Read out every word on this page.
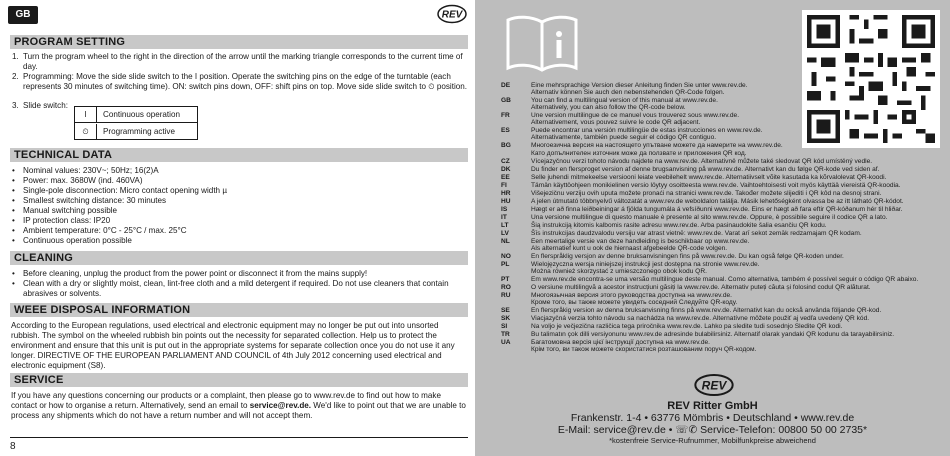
GB	REV
PROGRAM SETTING
1. Turn the program wheel to the right in the direction of the arrow until the marking triangle corresponds to the current time of day.
2. Programming: Move the side slide switch to the I position. Operate the switching pins on the edge of the turntable (each represents 30 minutes of switching time). ON: switch pins down, OFF: shift pins on top. Move side slide switch to ⏲ position.
3. Slide switch:
I	Continuous operation
⏲	Programming active
TECHNICAL DATA
• Nominal values: 230V~; 50Hz; 16(2)A
• Power: max. 3680W (ind. 460VA)
• Single-pole disconnection: Micro contact opening width µ
• Smallest switching distance: 30 minutes
• Manual switching possible
• IP protection class: IP20
• Ambient temperature: 0°C - 25°C / max. 25°C
• Continuous operation possible
CLEANING
• Before cleaning, unplug the product from the power point or disconnect it from the mains supply!
• Clean with a dry or slightly moist, clean, lint-free cloth and a mild detergent if required. Do not use cleaners that contain abrasives or solvents.
WEEE DISPOSAL INFORMATION
According to the European regulations, used electrical and electronic equipment may no longer be put out into unsorted rubbish. The symbol on the wheeled rubbish bin points out the necessity for separated collection. Help us to protect the environment and ensure that this unit is put out in the appropriate systems for separate collection once you do not use it any longer. DIRECTIVE OF THE EUROPEAN PARLIAMENT AND COUNCIL of 4th July 2012 concerning used electrical and electronic equipment (S8).
SERVICE
If you have any questions concerning our products or a complaint, then please go to www.rev.de to find out how to make contact or how to organise a return. Alternatively, send an email to service@rev.de. We'd like to point out that we are unable to process any shipments which do not have a return number and will not accept them.
8
REV
REV Ritter GmbH
Frankenstr. 1-4 • 63776 Mömbris • Deutschland • www.rev.de
E-Mail: service@rev.de • ☏✆ Service-Telefon: 00800 50 00 2735*
*kostenfreie Service-Rufnummer, Mobilfunkpreise abweichend
DE	Eine mehrsprachige Version dieser Anleitung finden Sie unter www.rev.de.
Alternativ können Sie auch den nebenstehenden QR-Code folgen.
GB	You can find a multilingual version of this manual at www.rev.de.
Alternatively, you can also follow the QR-code below.
FR	Une version multilingue de ce manuel vous trouverez sous www.rev.de.
Alternativement, vous pouvez suivre le code QR adjacent.
ES	Puede encontrar una versión multilingüe de estas instrucciones en www.rev.de.
Alternativamente, también puede seguir el código QR contiguo.
BG	Многоезична версия на настоящето упътване можете да намерите на www.rev.de.
Като допълнителен източник може да ползвате и приложения QR код.
CZ	Vícejazyčnou verzi tohoto návodu najdete na www.rev.de. Alternativně můžete také sledovat QR kód umístěný vedle.
DK	Du finder en flersproget version af denne brugsanvisning på www.rev.de. Alternativt kan du følge QR-kode ved siden af.
EE	Selle juhendi mitmekeelse versiooni leiate veebilehelt www.rev.de. Alternatiivselt võite kasutada ka kõrvalolevat QR-koodi.
FI	Tämän käyttöohjeen monikielinen versio löytyy osoitteesta www.rev.de. Vaihtoehtoisesti voit myös käyttää viereistä QR-koodia.
HR	Višejezičnu verziju ovih uputa možete pronaći na stranici www.rev.de. Također možete slijediti i QR kôd na desnoj strani.
HU	A jelen útmutató többnyelvű változatát a www.rev.de weboldalon találja. Másik lehetőségként olvassa be az itt látható QR-kódot.
IS	Hægt er að finna leiðbeiningar á fjölda tungumála á vefsíðunni www.rev.de. Eins er hægt að fara eftir QR-kóðanum hér til hliðar.
IT	Una versione multilingue di questo manuale è presente al sito www.rev.de. Oppure, è possibile seguire il codice QR a lato.
LT	Šią instrukciją kitomis kalbomis rasite adresu www.rev.de. Arba pasinaudokite šalia esančiu QR kodu.
LV	Šīs instrukcijas daudzvalodu versiju var atrast vietnē: www.rev.de. Varat arī sekot zemāk redzamajam QR kodam.
NL	Een meertalige versie van deze handleiding is beschikbaar op www.rev.de.
Als alternatief kunt u ook de hiernaast afgebeelde QR-code volgen.
NO	En flerspråklig versjon av denne bruksanvisningen fins på www.rev.de. Du kan også følge QR-koden under.
PL	Wielojęzyczna wersja niniejszej instrukcji jest dostępna na stronie www.rev.de.
Można również skorzystać z umieszczonego obok kodu QR.
PT	Em www.rev.de encontra-se uma versão multilíngue deste manual. Como alternativa, também é possível seguir o código QR abaixo.
RO	O versiune multilingvă a acestor instrucțiuni găsiți la www.rev.de. Alternativ puteți căuta și folosind codul QR alăturat.
RU	Многоязычная версия этого руководства доступна на www.rev.de.
Кроме того, вы также можете увидеть соседний Следуйте QR-коду.
SE	En flerspråkig version av denna bruksanvisning finns på www.rev.de. Alternativt kan du också använda följande QR-kod.
SK	Viacjazyčná verzia tohto návodu sa nachádza na www.rev.de. Alternatívne môžete použiť aj vedľa uvedený QR kód.
SI	Na voljo je večjezična različica tega priročnika www.rev.de. Lahko pa sledite tudi sosednjo Sledite QR kodi.
TR	Bu talimatın çok dilli versiyonunu www.rev.de adresinde bulabilirsiniz. Alternatif olarak yandaki QR kodunu da tarayabilirsiniz.
UA	Багатомовна версія цієї інструкції доступна на www.rev.de.
Крім того, ви також можете скористатися розташованим поруч QR-кодом.
